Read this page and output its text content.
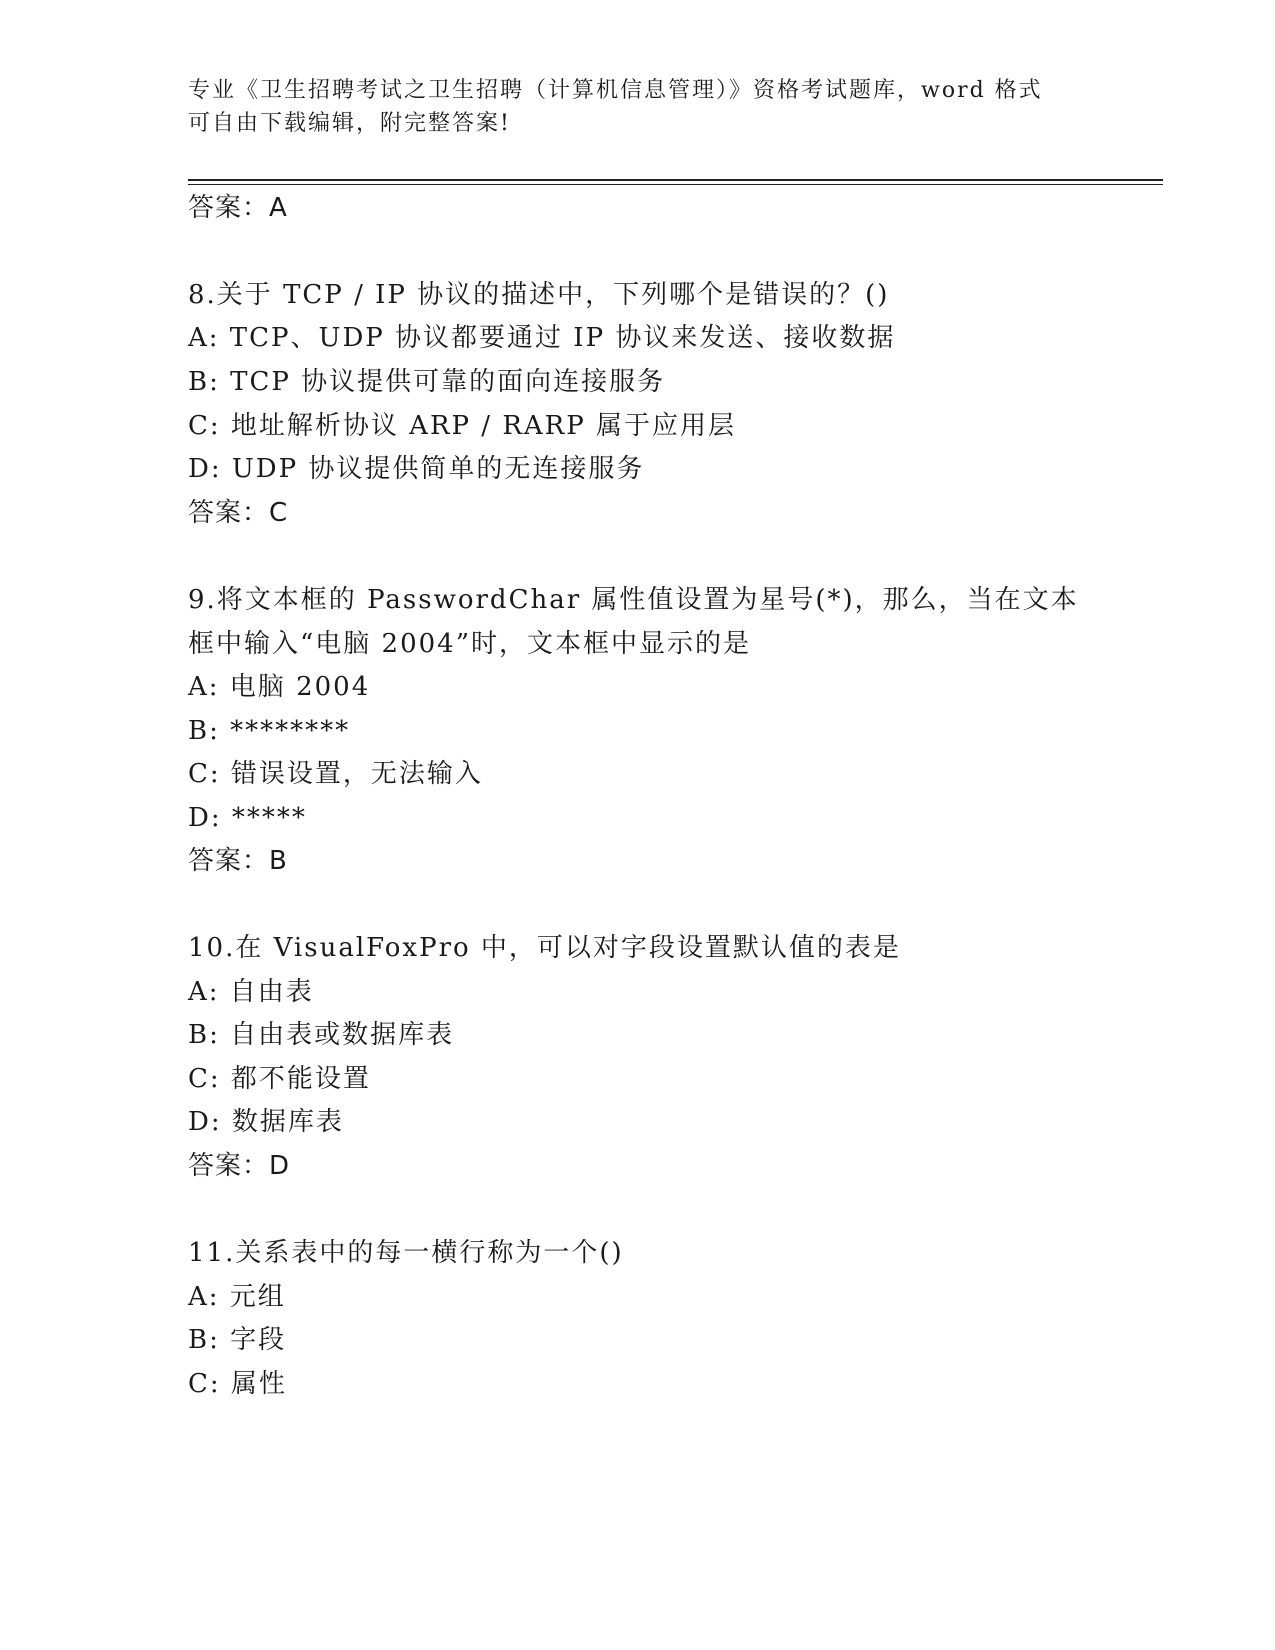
专业《卫生招聘考试之卫生招聘（计算机信息管理）》资格考试题库，word 格式
可自由下载编辑，附完整答案!
答案：A
8.关于 TCP / IP 协议的描述中，下列哪个是错误的？()
A: TCP、UDP 协议都要通过 IP 协议来发送、接收数据
B: TCP 协议提供可靠的面向连接服务
C: 地址解析协议 ARP / RARP 属于应用层
D: UDP 协议提供简单的无连接服务
答案：C
9.将文本框的 PasswordChar 属性值设置为星号(*)，那么，当在文本
框中输入“电脑 2004”时，文本框中显示的是
A: 电脑 2004
B: ********
C: 错误设置，无法输入
D: *****
答案：B
10.在 VisualFoxPro 中，可以对字段设置默认值的表是
A: 自由表
B: 自由表或数据库表
C: 都不能设置
D: 数据库表
答案：D
11.关系表中的每一横行称为一个()
A: 元组
B: 字段
C: 属性
